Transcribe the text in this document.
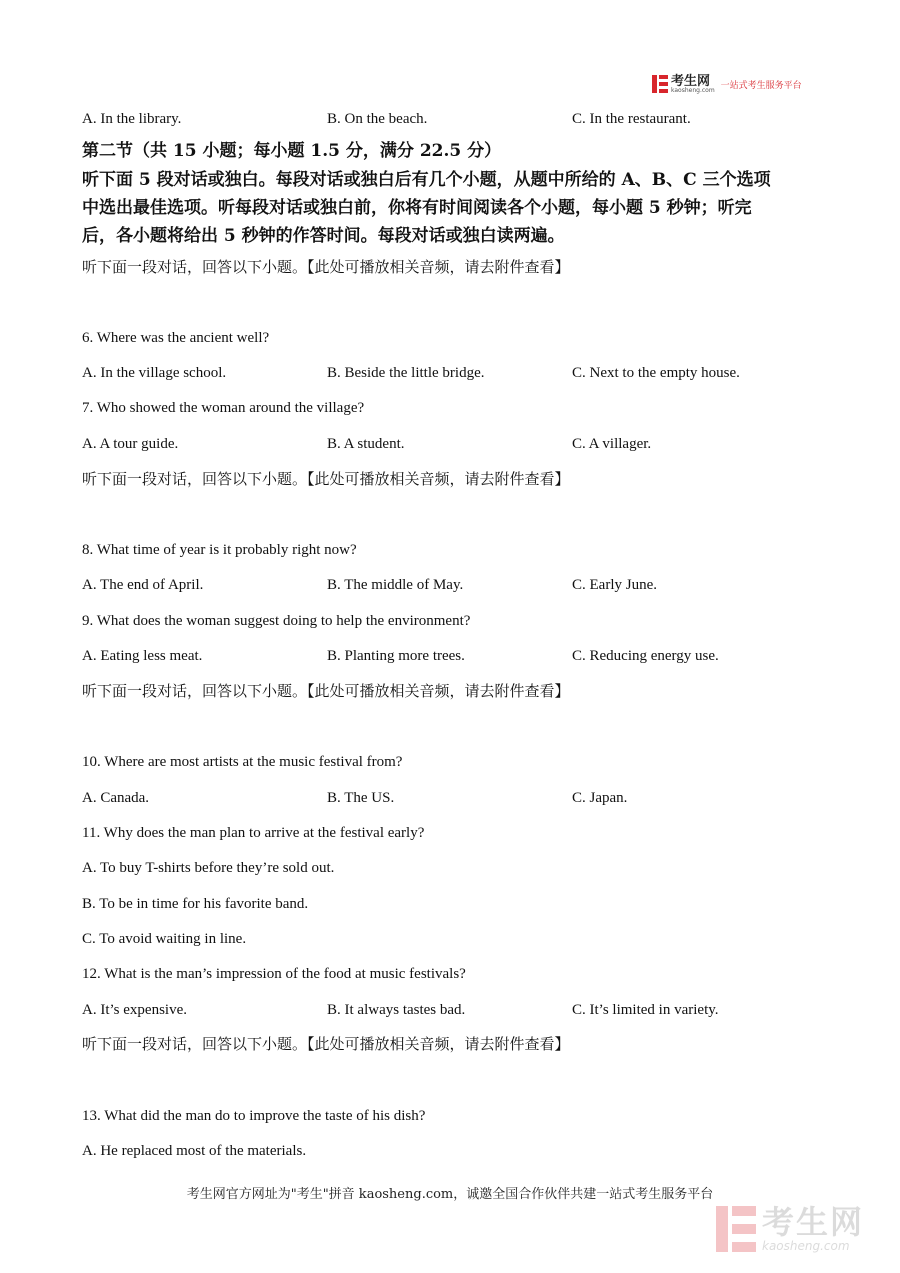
考生网
kaosheng.com 一站式考生服务平台
A. In the library.	B. On the beach.	C. In the restaurant.
第二节（共 15 小题；每小题 1.5 分，满分 22.5 分）
听下面 5 段对话或独白。每段对话或独白后有几个小题，从题中所给的 A、B、C 三个选项
中选出最佳选项。听每段对话或独白前，你将有时间阅读各个小题，每小题 5 秒钟；听完
后，各小题将给出 5 秒钟的作答时间。每段对话或独白读两遍。
听下面一段对话，回答以下小题。【此处可播放相关音频，请去附件查看】
6. Where was the ancient well?
A. In the village school.	B. Beside the little bridge.	C. Next to the empty house.
7. Who showed the woman around the village?
A. A tour guide.	B. A student.	C. A villager.
听下面一段对话，回答以下小题。【此处可播放相关音频，请去附件查看】
8. What time of year is it probably right now?
A. The end of April.	B. The middle of May.	C. Early June.
9. What does the woman suggest doing to help the environment?
A. Eating less meat.	B. Planting more trees.	C. Reducing energy use.
听下面一段对话，回答以下小题。【此处可播放相关音频，请去附件查看】
10. Where are most artists at the music festival from?
A. Canada.	B. The US.	C. Japan.
11. Why does the man plan to arrive at the festival early?
A. To buy T-shirts before they’re sold out.
B. To be in time for his favorite band.
C. To avoid waiting in line.
12. What is the man’s impression of the food at music festivals?
A. It’s expensive.	B. It always tastes bad.	C. It’s limited in variety.
听下面一段对话，回答以下小题。【此处可播放相关音频，请去附件查看】
13. What did the man do to improve the taste of his dish?
A. He replaced most of the materials.
考生网官方网址为"考生"拼音 kaosheng.com，诚邀全国合作伙伴共建一站式考生服务平台
考生网
kaosheng.com
